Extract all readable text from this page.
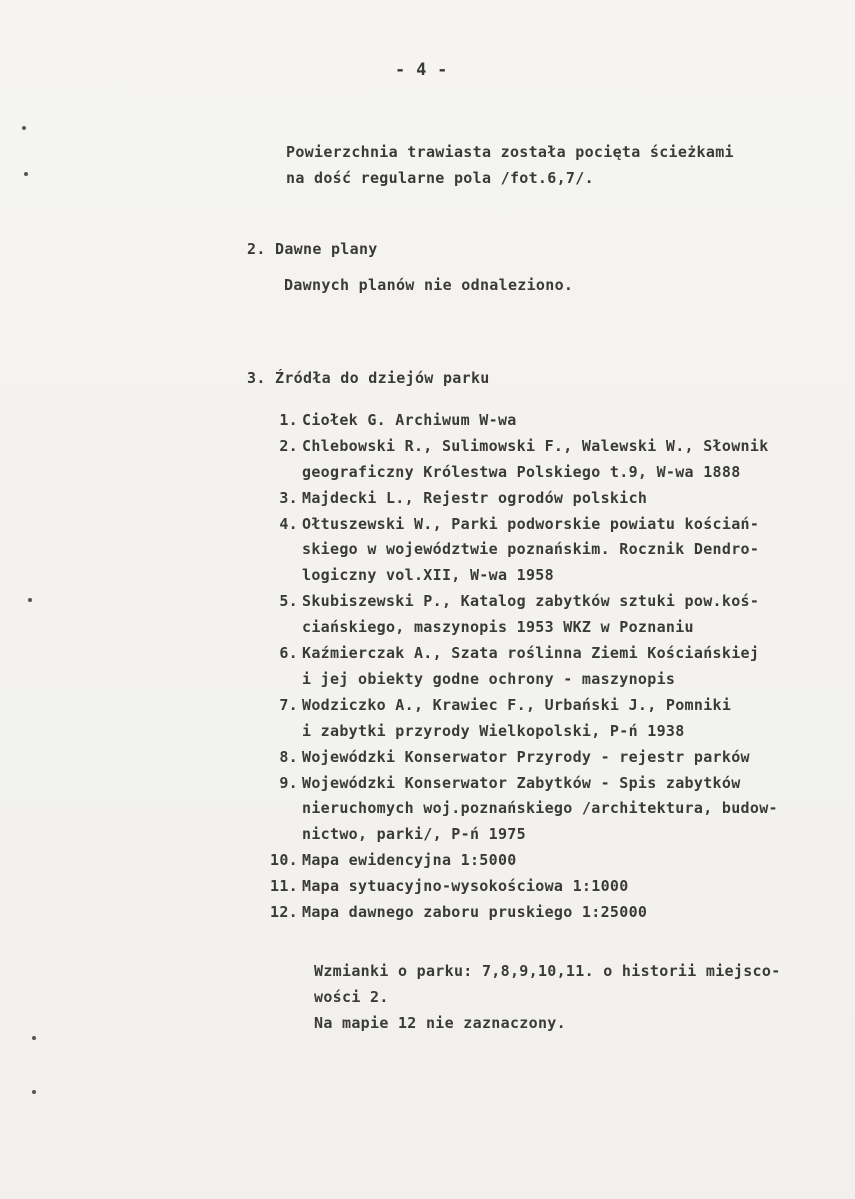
- 4 -
Powierzchnia trawiasta została pocięta ścieżkami
na dość regularne pola /fot.6,7/.
2. Dawne plany
Dawnych planów nie odnaleziono.
3. Źródła do dziejów parku
1. Ciołek G. Archiwum W-wa
2. Chlebowski R., Sulimowski F., Walewski W., Słownik
geograficzny Królestwa Polskiego t.9, W-wa 1888
3. Majdecki L., Rejestr ogrodów polskich
4. Ołtuszewski W., Parki podworskie powiatu kościań-
skiego w województwie poznańskim. Rocznik Dendro-
logiczny vol.XII, W-wa 1958
5. Skubiszewski P., Katalog zabytków sztuki pow.koś-
ciańskiego, maszynopis 1953 WKZ w Poznaniu
6. Kaźmierczak A., Szata roślinna Ziemi Kościańskiej
i jej obiekty godne ochrony - maszynopis
7. Wodziczko A., Krawiec F., Urbański J., Pomniki
i zabytki przyrody Wielkopolski, P-ń 1938
8. Wojewódzki Konserwator Przyrody - rejestr parków
9. Wojewódzki Konserwator Zabytków - Spis zabytków
nieruchomych woj.poznańskiego /architektura, budow-
nictwo, parki/, P-ń 1975
10. Mapa ewidencyjna 1:5000
11. Mapa sytuacyjno-wysokościowa 1:1000
12. Mapa dawnego zaboru pruskiego 1:25000
Wzmianki o parku: 7,8,9,10,11. o historii miejsco-
wości 2.
Na mapie 12 nie zaznaczony.
